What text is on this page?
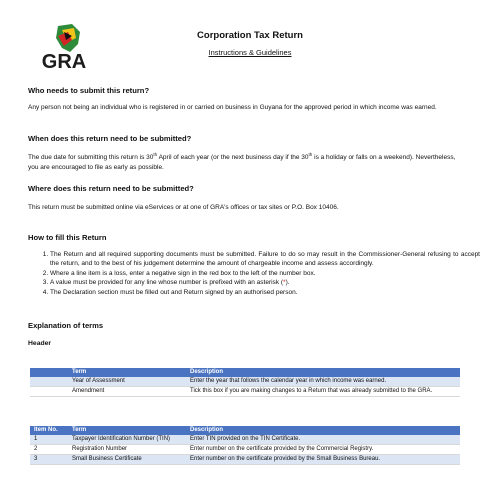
GRA
Corporation Tax Return
Instructions & Guidelines
Who needs to submit this return?
Any person not being an individual who is registered in or carried on business in Guyana for the approved period in which income was earned.
When does this return need to be submitted?
The due date for submitting this return is 30th April of each year (or the next business day if the 30th is a holiday or falls on a weekend). Nevertheless, you are encouraged to file as early as possible.
Where does this return need to be submitted?
This return must be submitted online via eServices or at one of GRA's offices or tax sites or P.O. Box 10406.
How to fill this Return
1. The Return and all required supporting documents must be submitted. Failure to do so may result in the Commissioner-General refusing to accept the return, and to the best of his judgement determine the amount of chargeable income and assess accordingly.
2. Where a line item is a loss, enter a negative sign in the red box to the left of the number box.
3. A value must be provided for any line whose number is prefixed with an asterisk (*).
4. The Declaration section must be filled out and Return signed by an authorised person.
Explanation of terms
Header
	Term	Description
	Year of Assessment	Enter the year that follows the calendar year in which income was earned.
	Amendment	Tick this box if you are making changes to a Return that was already submitted to the GRA.
Item No.	Term	Description
1	Taxpayer Identification Number (TIN)	Enter TIN provided on the TIN Certificate.
2	Registration Number	Enter number on the certificate provided by the Commercial Registry.
3	Small Business Certificate	Enter number on the certificate provided by the Small Business Bureau.
